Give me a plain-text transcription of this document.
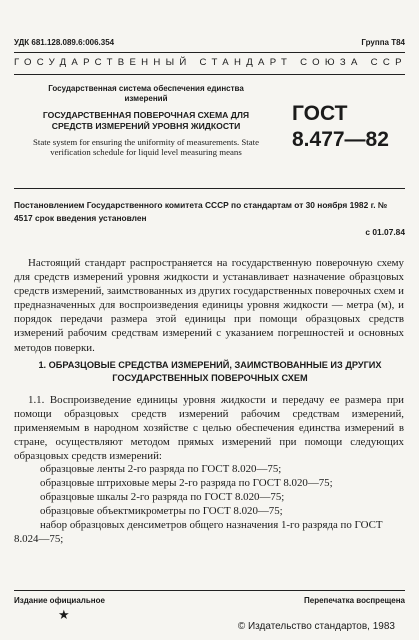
УДК 681.128.089.6:006.354	Группа Т84
ГОСУДАРСТВЕННЫЙ СТАНДАРТ СОЮЗА ССР
Государственная система обеспечения единства измерений
ГОСУДАРСТВЕННАЯ ПОВЕРОЧНАЯ СХЕМА ДЛЯ СРЕДСТВ ИЗМЕРЕНИЙ УРОВНЯ ЖИДКОСТИ
State system for ensuring the uniformity of measurements. State verification schedule for liquid level measuring means
ГОСТ
8.477—82
Постановлением Государственного комитета СССР по стандартам от 30 ноября 1982 г. № 4517 срок введения установлен
с 01.07.84
Настоящий стандарт распространяется на государственную поверочную схему для средств измерений уровня жидкости и устанавливает назначение образцовых средств измерений, заимствованных из других государственных поверочных схем и предназначенных для воспроизведения единицы уровня жидкости — метра (м), и порядок передачи размера этой единицы при помощи образцовых средств измерений рабочим средствам измерений с указанием погрешностей и основных методов поверки.
1. ОБРАЗЦОВЫЕ СРЕДСТВА ИЗМЕРЕНИЙ, ЗАИМСТВОВАННЫЕ ИЗ ДРУГИХ ГОСУДАРСТВЕННЫХ ПОВЕРОЧНЫХ СХЕМ
1.1. Воспроизведение единицы уровня жидкости и передачу ее размера при помощи образцовых средств измерений рабочим средствам измерений, применяемым в народном хозяйстве с целью обеспечения единства измерений в стране, осуществляют методом прямых измерений при помощи следующих образцовых средств измерений:
образцовые ленты 2-го разряда по ГОСТ 8.020—75;
образцовые штриховые меры 2-го разряда по ГОСТ 8.020—75;
образцовые шкалы 2-го разряда по ГОСТ 8.020—75;
образцовые объектмикрометры по ГОСТ 8.020—75;
набор образцовых денсиметров общего назначения 1-го разряда по ГОСТ 8.024—75;
Издание официальное	Перепечатка воспрещена
★
© Издательство стандартов, 1983
